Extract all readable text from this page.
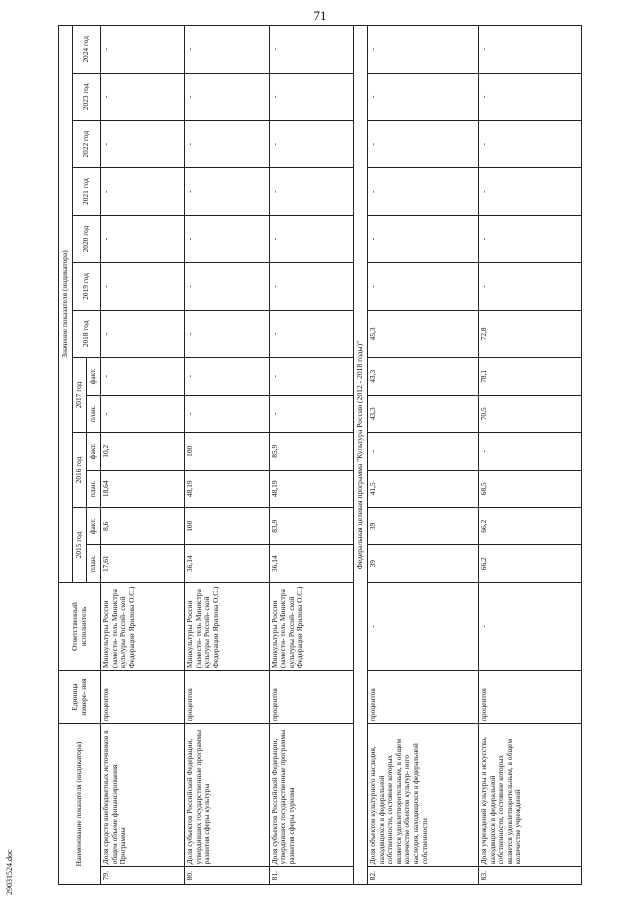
71
Наименование показателя (индикатора)		Единица измере- ния	Ответственный исполнитель	Значение показателя (индикатора)												
				2015 год		2016 год		2017 год		2018 год	2019 год	2020 год	2021 год	2022 год	2023 год	2024 год
				план.	факт.	план.	факт.	план.	факт.							
79.	Доля средств внебюджетных источников в общем объеме финансирования Программы	процентов	Минкультуры России (замести- тель Министра культуры Россий- ской Федерации Ярилова О.С.)	17,61	8,6	18,64	10,2	-	-	-	-	-	-	-	-	-
80.	Доля субъектов Российской Федерации, утвердивших государственные программы развития сферы культуры	процентов	Минкультуры России (замести- тель Министра культуры Россий- ской Федерации Ярилова О.С.)	36,14	100	48,19	100	-	-	-	-	-	-	-	-	-
81.	Доля субъектов Российской Федерации, утвердивших государственные программы развития сферы туризма	процентов	Минкультуры России (замести- тель Министра культуры Россий- ской Федерации Ярилова О.С.)	36,14	83,9	48,19	85,9	-	-	-	-	-	-	-	-	-
Федеральная целевая программа "Культура России (2012 - 2018 годы)"																
82.	Доля объектов культурного наследия, находящихся в федеральной собственности, состояние которых является удовлетворительным, в общем количестве объектов культур- ного наследия, находящихся в федеральной собственности	процентов	-	39	39	41,5	-	43,3	43,3	45,3	-	-	-	-	-	-
83.	Доля учреждений культуры и искусства, находящихся в федеральной собственности, состояние которых является удовлетворительным, в общем количестве учреждений	процентов	-	66,2	66,2	68,5	-	70,5	78,1	72,8	-	-	-	-	-	-
29031524.doc
